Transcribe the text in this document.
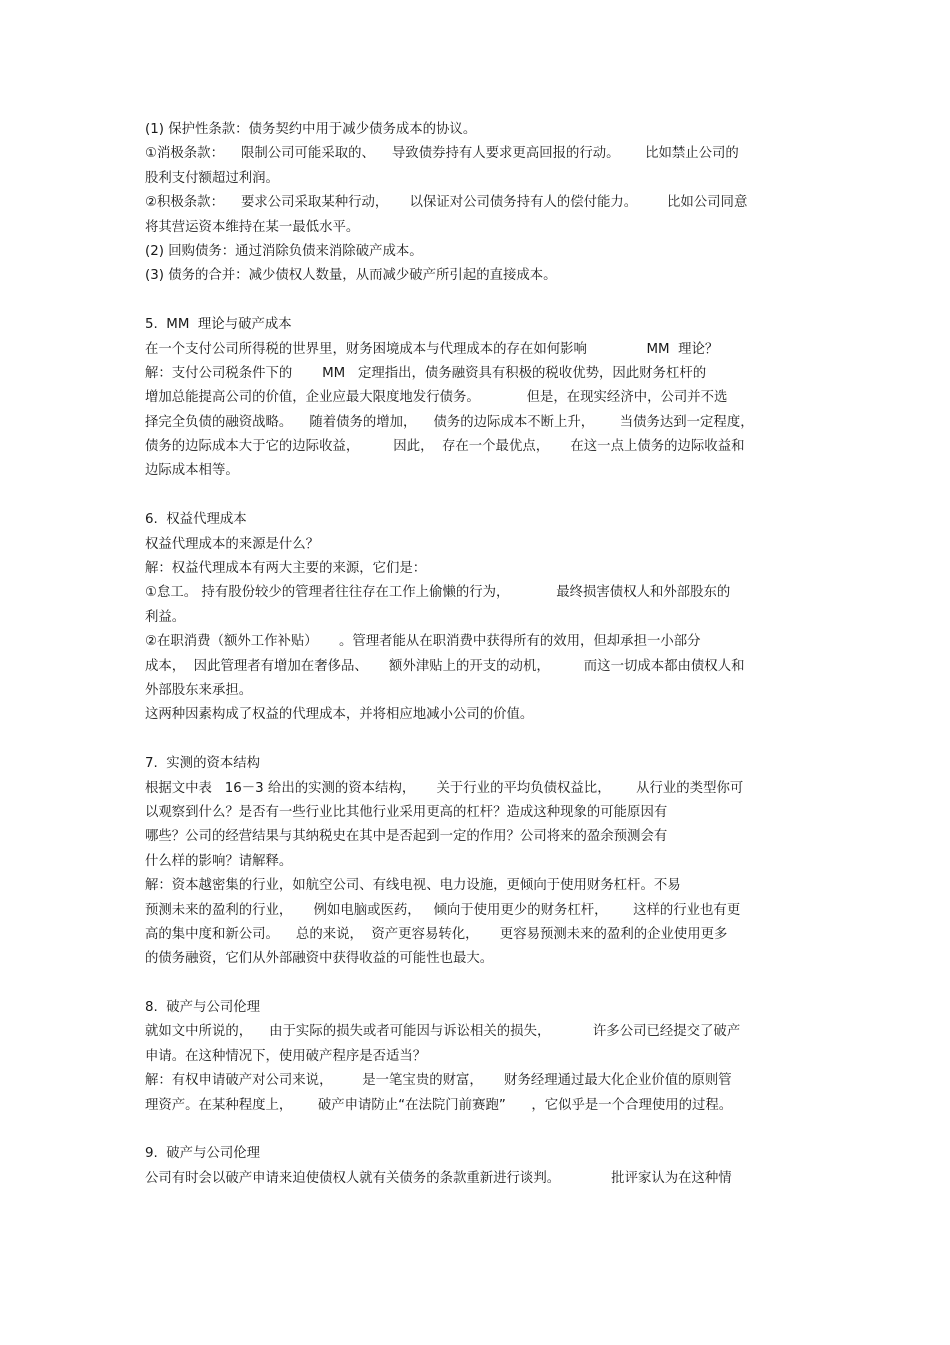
(1) 保护性条款：债务契约中用于减少债务成本的协议。
①消极条款：    限制公司可能采取的、    导致债券持有人要求更高回报的行动。      比如禁止公司的
股利支付额超过利润。
②积极条款：    要求公司采取某种行动，     以保证对公司债务持有人的偿付能力。       比如公司同意
将其营运资本维持在某一最低水平。
(2) 回购债务：通过消除负债来消除破产成本。
(3) 债务的合并：减少债权人数量，从而减少破产所引起的直接成本。
5.  MM  理论与破产成本
在一个支付公司所得税的世界里，财务困境成本与代理成本的存在如何影响              MM  理论？
解：支付公司税条件下的       MM   定理指出，债务融资具有积极的税收优势，因此财务杠杆的
增加总能提高公司的价值，企业应最大限度地发行债务。           但是，在现实经济中，公司并不选
择完全负债的融资战略。    随着债务的增加，    债务的边际成本不断上升，      当债务达到一定程度，
债务的边际成本大于它的边际收益，        因此，  存在一个最优点，     在这一点上债务的边际收益和
边际成本相等。
6.  权益代理成本
权益代理成本的来源是什么？
解：权益代理成本有两大主要的来源，它们是：
①怠工。 持有股份较少的管理者往往存在工作上偷懒的行为，           最终损害债权人和外部股东的
利益。
②在职消费（额外工作补贴）     。管理者能从在职消费中获得所有的效用，但却承担一小部分
成本，  因此管理者有增加在奢侈品、     额外津贴上的开支的动机，        而这一切成本都由债权人和
外部股东来承担。
这两种因素构成了权益的代理成本，并将相应地减小公司的价值。
7.  实测的资本结构
根据文中表   16－3 给出的实测的资本结构，     关于行业的平均负债权益比，      从行业的类型你可
以观察到什么？是否有一些行业比其他行业采用更高的杠杆？造成这种现象的可能原因有
哪些？公司的经营结果与其纳税史在其中是否起到一定的作用？公司将来的盈余预测会有
什么样的影响？请解释。
解：资本越密集的行业，如航空公司、有线电视、电力设施，更倾向于使用财务杠杆。不易
预测未来的盈利的行业，     例如电脑或医药，   倾向于使用更少的财务杠杆，      这样的行业也有更
高的集中度和新公司。    总的来说，  资产更容易转化，     更容易预测未来的盈利的企业使用更多
的债务融资，它们从外部融资中获得收益的可能性也最大。
8.  破产与公司伦理
就如文中所说的，    由于实际的损失或者可能因与诉讼相关的损失，          许多公司已经提交了破产
申请。在这种情况下，使用破产程序是否适当？
解：有权申请破产对公司来说，       是一笔宝贵的财富，     财务经理通过最大化企业价值的原则管
理资产。在某种程度上，      破产申请防止“在法院门前赛跑”      ，它似乎是一个合理使用的过程。
9.  破产与公司伦理
公司有时会以破产申请来迫使债权人就有关债务的条款重新进行谈判。            批评家认为在这种情
